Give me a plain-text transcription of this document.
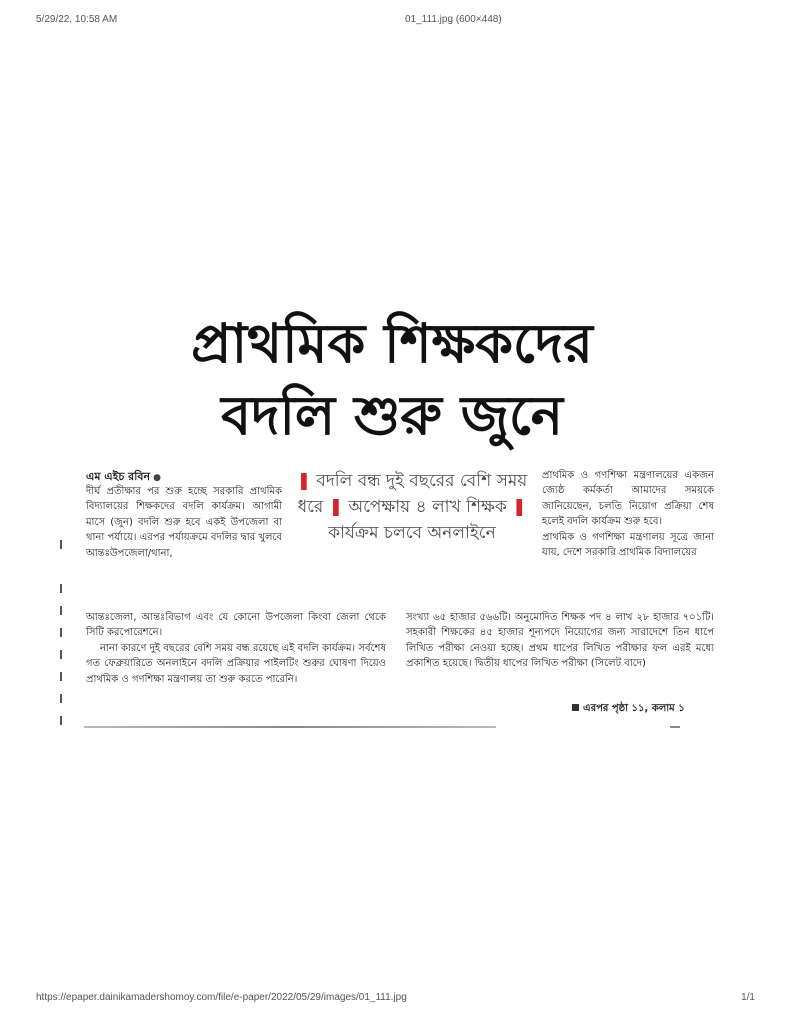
5/29/22, 10:58 AM	01_111.jpg (600×448)
প্রাথমিক শিক্ষকদের
বদলি শুরু জুনে
এম এইচ রবিন ●

দীর্ঘ প্রতীক্ষার পর শুরু হচ্ছে সরকারি প্রাথমিক বিদ্যালয়ের শিক্ষকদের বদলি কার্যক্রম। আগামী মাসে (জুন) বদলি শুরু হবে একই উপজেলা বা থানা পর্যায়ে। এরপর পর্যায়ক্রমে বদলির দ্বার খুলবে আন্তঃউপজেলা/থানা,

❚ বদলি বন্ধ দুই বছরের বেশি সময় ধরে ❚ অপেক্ষায় ৪ লাখ শিক্ষক ❚ কার্যক্রম চলবে অনলাইনে

প্রাথমিক ও গণশিক্ষা মন্ত্রণালয়ের একজন জ্যেষ্ঠ কর্মকর্তা আমাদের সময়কে জানিয়েছেন, চলতি নিয়োগ প্রক্রিয়া শেষ হলেই বদলি কার্যক্রম শুরু হবে।

প্রাথমিক ও গণশিক্ষা মন্ত্রণালয় সূত্রে জানা যায়, দেশে সরকারি প্রাথমিক বিদ্যালয়ের

আন্তঃজেলা, আন্তঃবিভাগ এবং যে কোনো উপজেলা কিংবা জেলা থেকে সিটি করপোরেশনে।

নানা কারণে দুই বছরের বেশি সময় বন্ধ রয়েছে এই বদলি কার্যক্রম। সর্বশেষ গত ফেব্রুয়ারিতে অনলাইনে বদলি প্রক্রিয়ার পাইলটিং শুরুর ঘোষণা দিয়েও প্রাথমিক ও গণশিক্ষা মন্ত্রণালয় তা শুরু করতে পারেনি।

সংখ্যা ৬৫ হাজার ৫৬৬টি। অনুমোদিত শিক্ষক পদ ৪ লাখ ২৮ হাজার ৭০১টি। সহকারী শিক্ষকের ৪৫ হাজার শূন্যপদে নিয়োগের জন্য সারাদেশে তিন ধাপে লিখিত পরীক্ষা নেওয়া হচ্ছে। প্রথম ধাপের লিখিত পরীক্ষার ফল এরই মধ্যে প্রকাশিত হয়েছে। দ্বিতীয় ধাপের লিখিত পরীক্ষা (সিলেট বাদে)

এরপর পৃষ্ঠা ১১, কলাম ১
https://epaper.dainikamadershomoy.com/file/e-paper/2022/05/29/images/01_111.jpg	1/1
